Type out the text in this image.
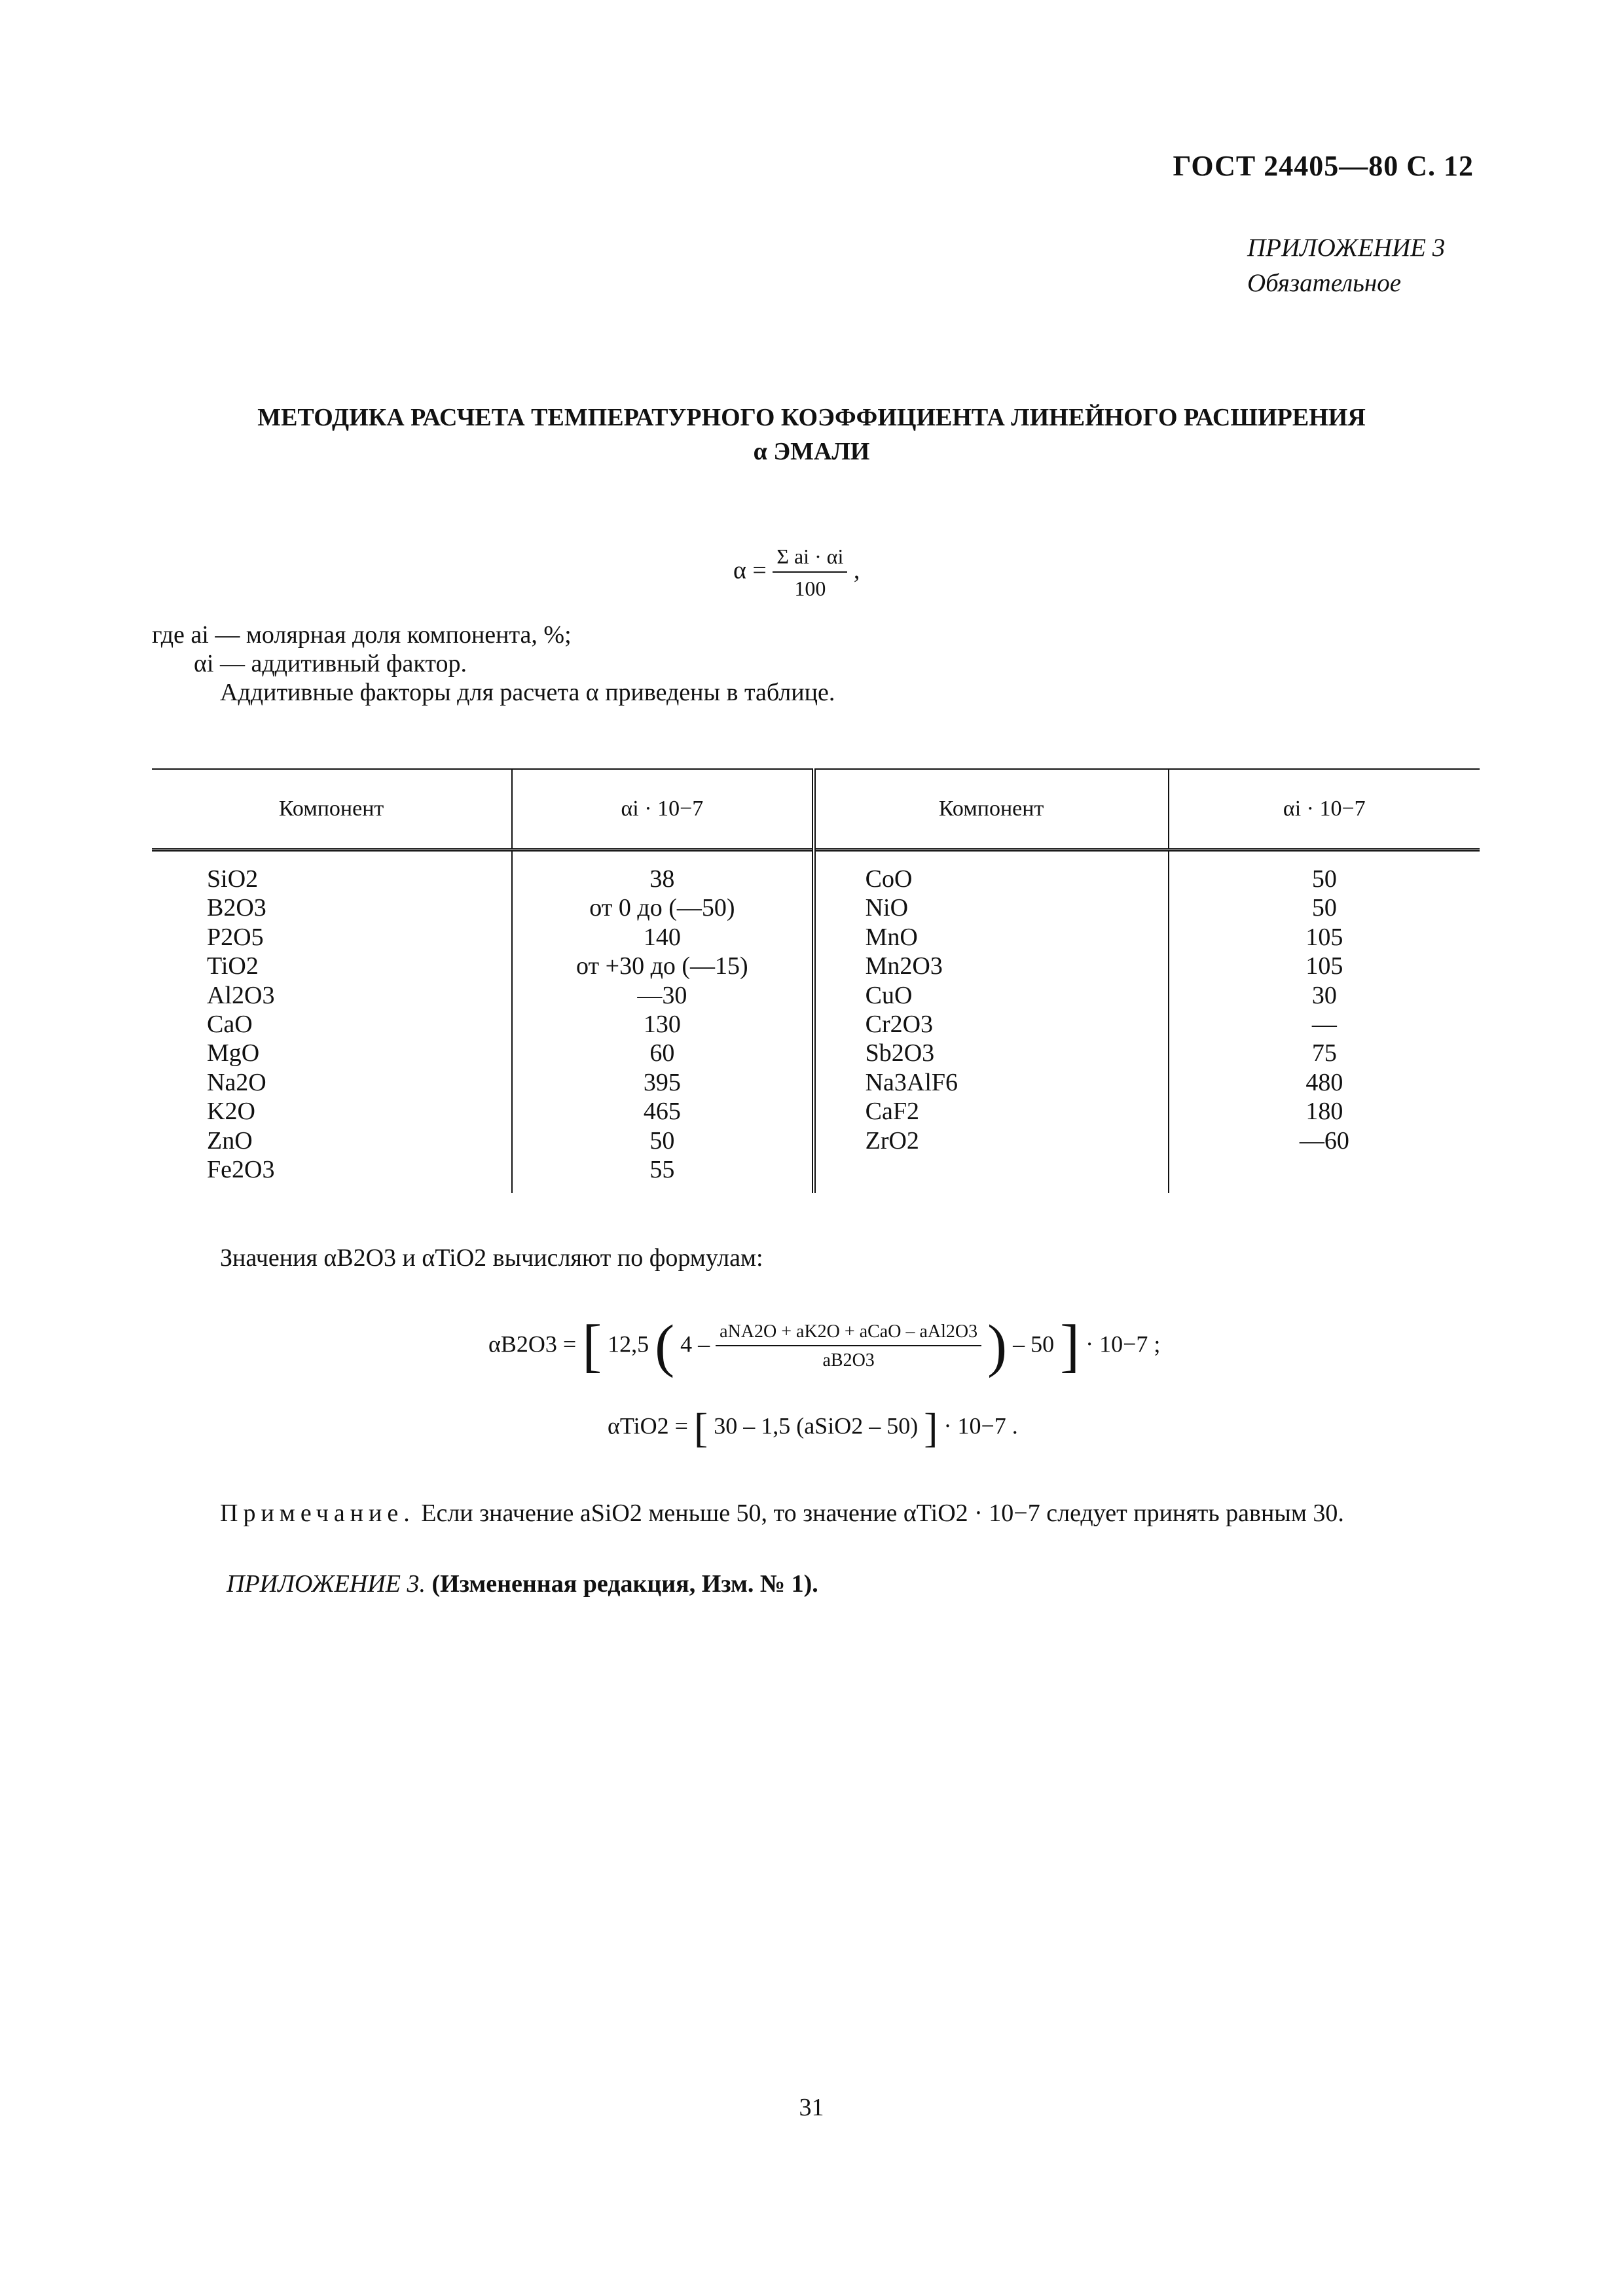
ГОСТ 24405—80 С. 12
ПРИЛОЖЕНИЕ 3
Обязательное
МЕТОДИКА РАСЧЕТА ТЕМПЕРАТУРНОГО КОЭФФИЦИЕНТА ЛИНЕЙНОГО РАСШИРЕНИЯ
α ЭМАЛИ
$\alpha = \frac{\text{Σ ai · αi}}{100}$ ,
где ai — молярная доля компонента, %;
αi — аддитивный фактор.
Аддитивные факторы для расчета α приведены в таблице.
Компонент	αi · 10−7	Компонент	αi · 10−7
SiO2	38	CoO	50
B2O3	от 0 до (—50)	NiO	50
P2O5	140	MnO	105
TiO2	от +30 до (—15)	Mn2O3	105
Al2O3	—30	CuO	30
CaO	130	Cr2O3	—
MgO	60	Sb2O3	75
Na2O	395	Na3AlF6	480
K2O	465	CaF2	180
ZnO	50	ZrO2	—60
Fe2O3	55		
Значения αB2O3 и αTiO2 вычисляют по формулам:
αB2O3 = [ 12,5 ( $4 - \frac{\text{aNA2O + aK2O + aCaO – aAl2O3}}{aB2O3}$ ) – 50 ] · 10−7 ;
αTiO2 = [ 30 – 1,5 (aSiO2 – 50) ] · 10−7 .
Примечание. Если значение aSiO2 меньше 50, то значение αTiO2 · 10−7 следует принять равным 30.
ПРИЛОЖЕНИЕ 3. (Измененная редакция, Изм. № 1).
31
